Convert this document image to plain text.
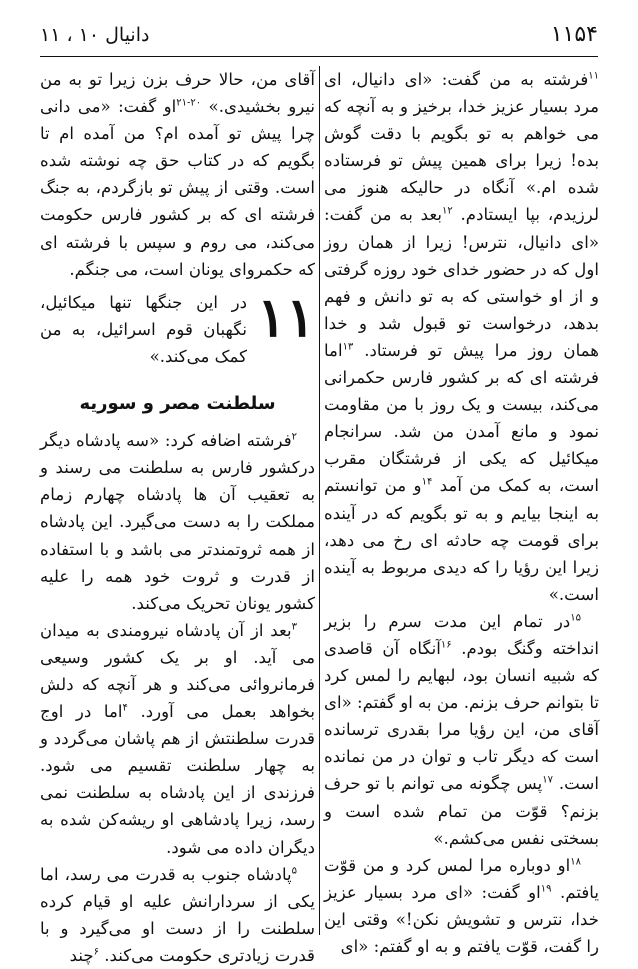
۱۱۵۴
دانیال ۱۰ ، ۱۱

$^{۱۱}$فرشته به من گفت: «ای دانیال، ای مرد بسیار عزیز خدا، برخیز و به آنچه که می خواهم به تو بگویم با دقت گوش بده! زیرا برای همین پیش تو فرستاده شده ام.» آنگاه در حالیکه هنوز می لرزیدم، بپا ایستادم. $^{۱۲}$بعد به من گفت: «ای دانیال، نترس! زیرا از همان روز اول که در حضور خدای خود روزه گرفتی و از او خواستی که به تو دانش و فهم بدهد، درخواست تو قبول شد و خدا همان روز مرا پیش تو فرستاد. $^{۱۳}$اما فرشته ای که بر کشور فارس حکمرانی می‌کند، بیست و یک روز با من مقاومت نمود و مانع آمدن من شد. سرانجام میکائیل که یکی از فرشتگان مقرب است، به کمک من آمد $^{۱۴}$و من توانستم به اینجا بیایم و به تو بگویم که در آینده برای قومت چه حادثه ای رخ می دهد، زیرا این رؤیا را که دیدی مربوط به آینده است.»

$^{۱۵}$در تمام این مدت سرم را بزیر انداخته وگنگ بودم. $^{۱۶}$آنگاه آن قاصدی که شبیه انسان بود، لبهایم را لمس کرد تا بتوانم حرف بزنم. من به او گفتم: «ای آقای من، این رؤیا مرا بقدری ترسانده است که دیگر تاب و توان در من نمانده است. $^{۱۷}$پس چگونه می توانم با تو حرف بزنم؟ قوّت من تمام شده است و بسختی نفس می‌کشم.»

$^{۱۸}$او دوباره مرا لمس کرد و من قوّت یافتم. $^{۱۹}$او گفت: «ای مرد بسیار عزیز خدا، نترس و تشویش نکن!» وقتی این را گفت، قوّت یافتم و به او گفتم: «ای

آقای من، حالا حرف بزن زیرا تو به من نیرو بخشیدی.» $^{۲۰-۲۱}$او گفت: «می دانی چرا پیش تو آمده ام؟ من آمده ام تا بگویم که در کتاب حق چه نوشته شده است. وقتی از پیش تو بازگردم، به جنگ فرشته ای که بر کشور فارس حکومت می‌کند، می روم و سپس با فرشته ای که حکمروای یونان است، می جنگم.

۱۱
در این جنگها تنها میکائیل، نگهبان قوم اسرائیل، به من کمک می‌کند.»
سلطنت مصر و سوریه

$^۲$فرشته اضافه کرد: «سه پادشاه دیگر درکشور فارس به سلطنت می رسند و به تعقیب آن ها پادشاه چهارم زمام مملکت را به دست می‌گیرد. این پادشاه از همه ثروتمندتر می باشد و با استفاده از قدرت و ثروت خود همه را علیه کشور یونان تحریک می‌کند.

$^۳$بعد از آن پادشاه نیرومندی به میدان می آید. او بر یک کشور وسیعی فرمانروائی می‌کند و هر آنچه که دلش بخواهد بعمل می آورد. $^۴$اما در اوج قدرت سلطنتش از هم پاشان می‌گردد و به چهار سلطنت تقسیم می شود. فرزندی از این پادشاه به سلطنت نمی رسد، زیرا پادشاهی او ریشه‌کن شده به دیگران داده می شود.

$^۵$پادشاه جنوب به قدرت می رسد، اما یکی از سردارانش علیه او قیام کرده سلطنت را از دست او می‌گیرد و با قدرت زیادتری حکومت می‌کند. $^۶$چند
